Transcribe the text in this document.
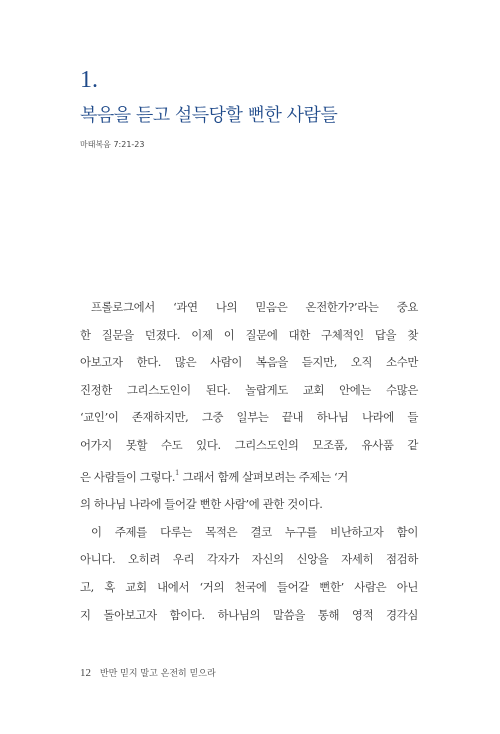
1.
복음을 듣고 설득당할 뻔한 사람들
마태복음 7:21-23
프롤로그에서 ‘과연 나의 믿음은 온전한가?’라는 중요
한 질문을 던졌다. 이제 이 질문에 대한 구체적인 답을 찾
아보고자 한다. 많은 사람이 복음을 듣지만, 오직 소수만
진정한 그리스도인이 된다. 놀랍게도 교회 안에는 수많은
‘교인’이 존재하지만, 그중 일부는 끝내 하나님 나라에 들
어가지 못할 수도 있다. 그리스도인의 모조품, 유사품 같
은 사람들이 그렇다.$^1$ 그래서 함께 살펴보려는 주제는 ‘거
의 하나님 나라에 들어갈 뻔한 사람’에 관한 것이다.
이 주제를 다루는 목적은 결코 누구를 비난하고자 함이
아니다. 오히려 우리 각자가 자신의 신앙을 자세히 점검하
고, 혹 교회 내에서 ‘거의 천국에 들어갈 뻔한’ 사람은 아닌
지 돌아보고자 함이다. 하나님의 말씀을 통해 영적 경각심
12 반만 믿지 말고 온전히 믿으라
